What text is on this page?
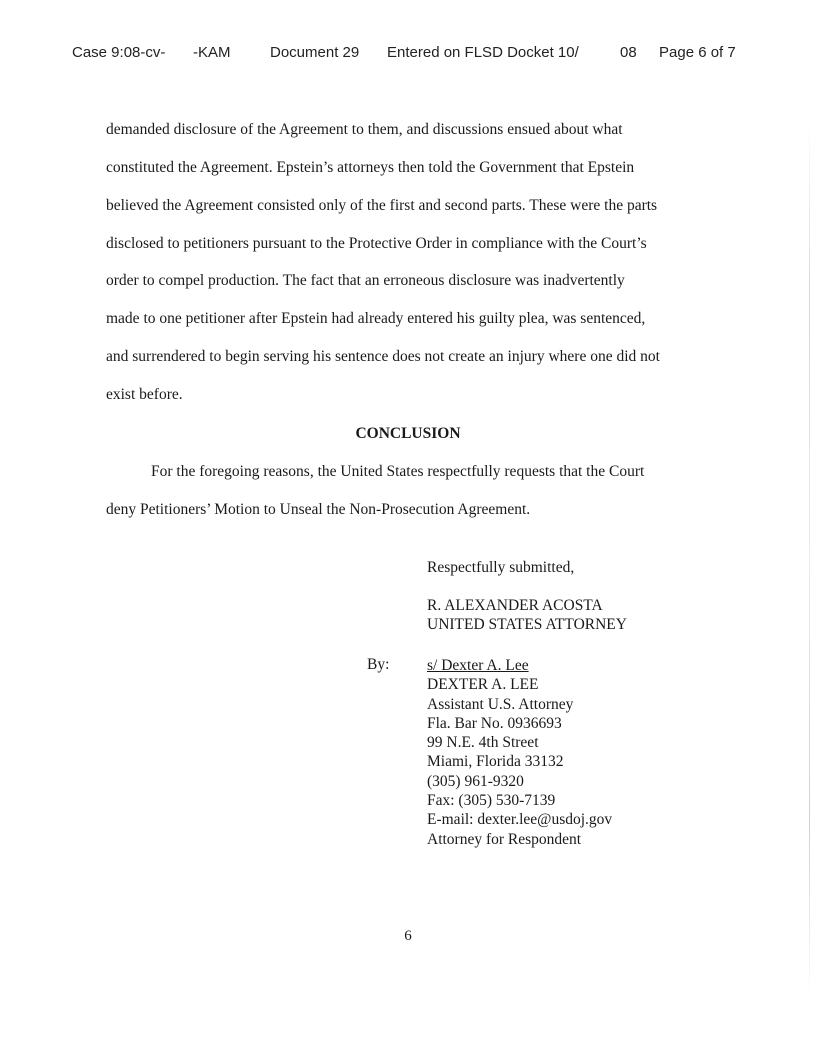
Case 9:08-cv-   -KAM	Document 29 Entered on FLSD Docket 10/ 	08 Page 6 of 7
demanded disclosure of the Agreement to them, and discussions ensued about what
constituted the Agreement. Epstein’s attorneys then told the Government that Epstein
believed the Agreement consisted only of the first and second parts. These were the parts
disclosed to petitioners pursuant to the Protective Order in compliance with the Court’s
order to compel production. The fact that an erroneous disclosure was inadvertently
made to one petitioner after Epstein had already entered his guilty plea, was sentenced,
and surrendered to begin serving his sentence does not create an injury where one did not
exist before.
CONCLUSION
For the foregoing reasons, the United States respectfully requests that the Court
deny Petitioners’ Motion to Unseal the Non-Prosecution Agreement.
Respectfully submitted,
R. ALEXANDER ACOSTA
UNITED STATES ATTORNEY
By: s/ Dexter A. Lee
DEXTER A. LEE
Assistant U.S. Attorney
Fla. Bar No. 0936693
99 N.E. 4th Street
Miami, Florida 33132
(305) 961-9320
Fax: (305) 530-7139
E-mail: dexter.lee@usdoj.gov
Attorney for Respondent
6
